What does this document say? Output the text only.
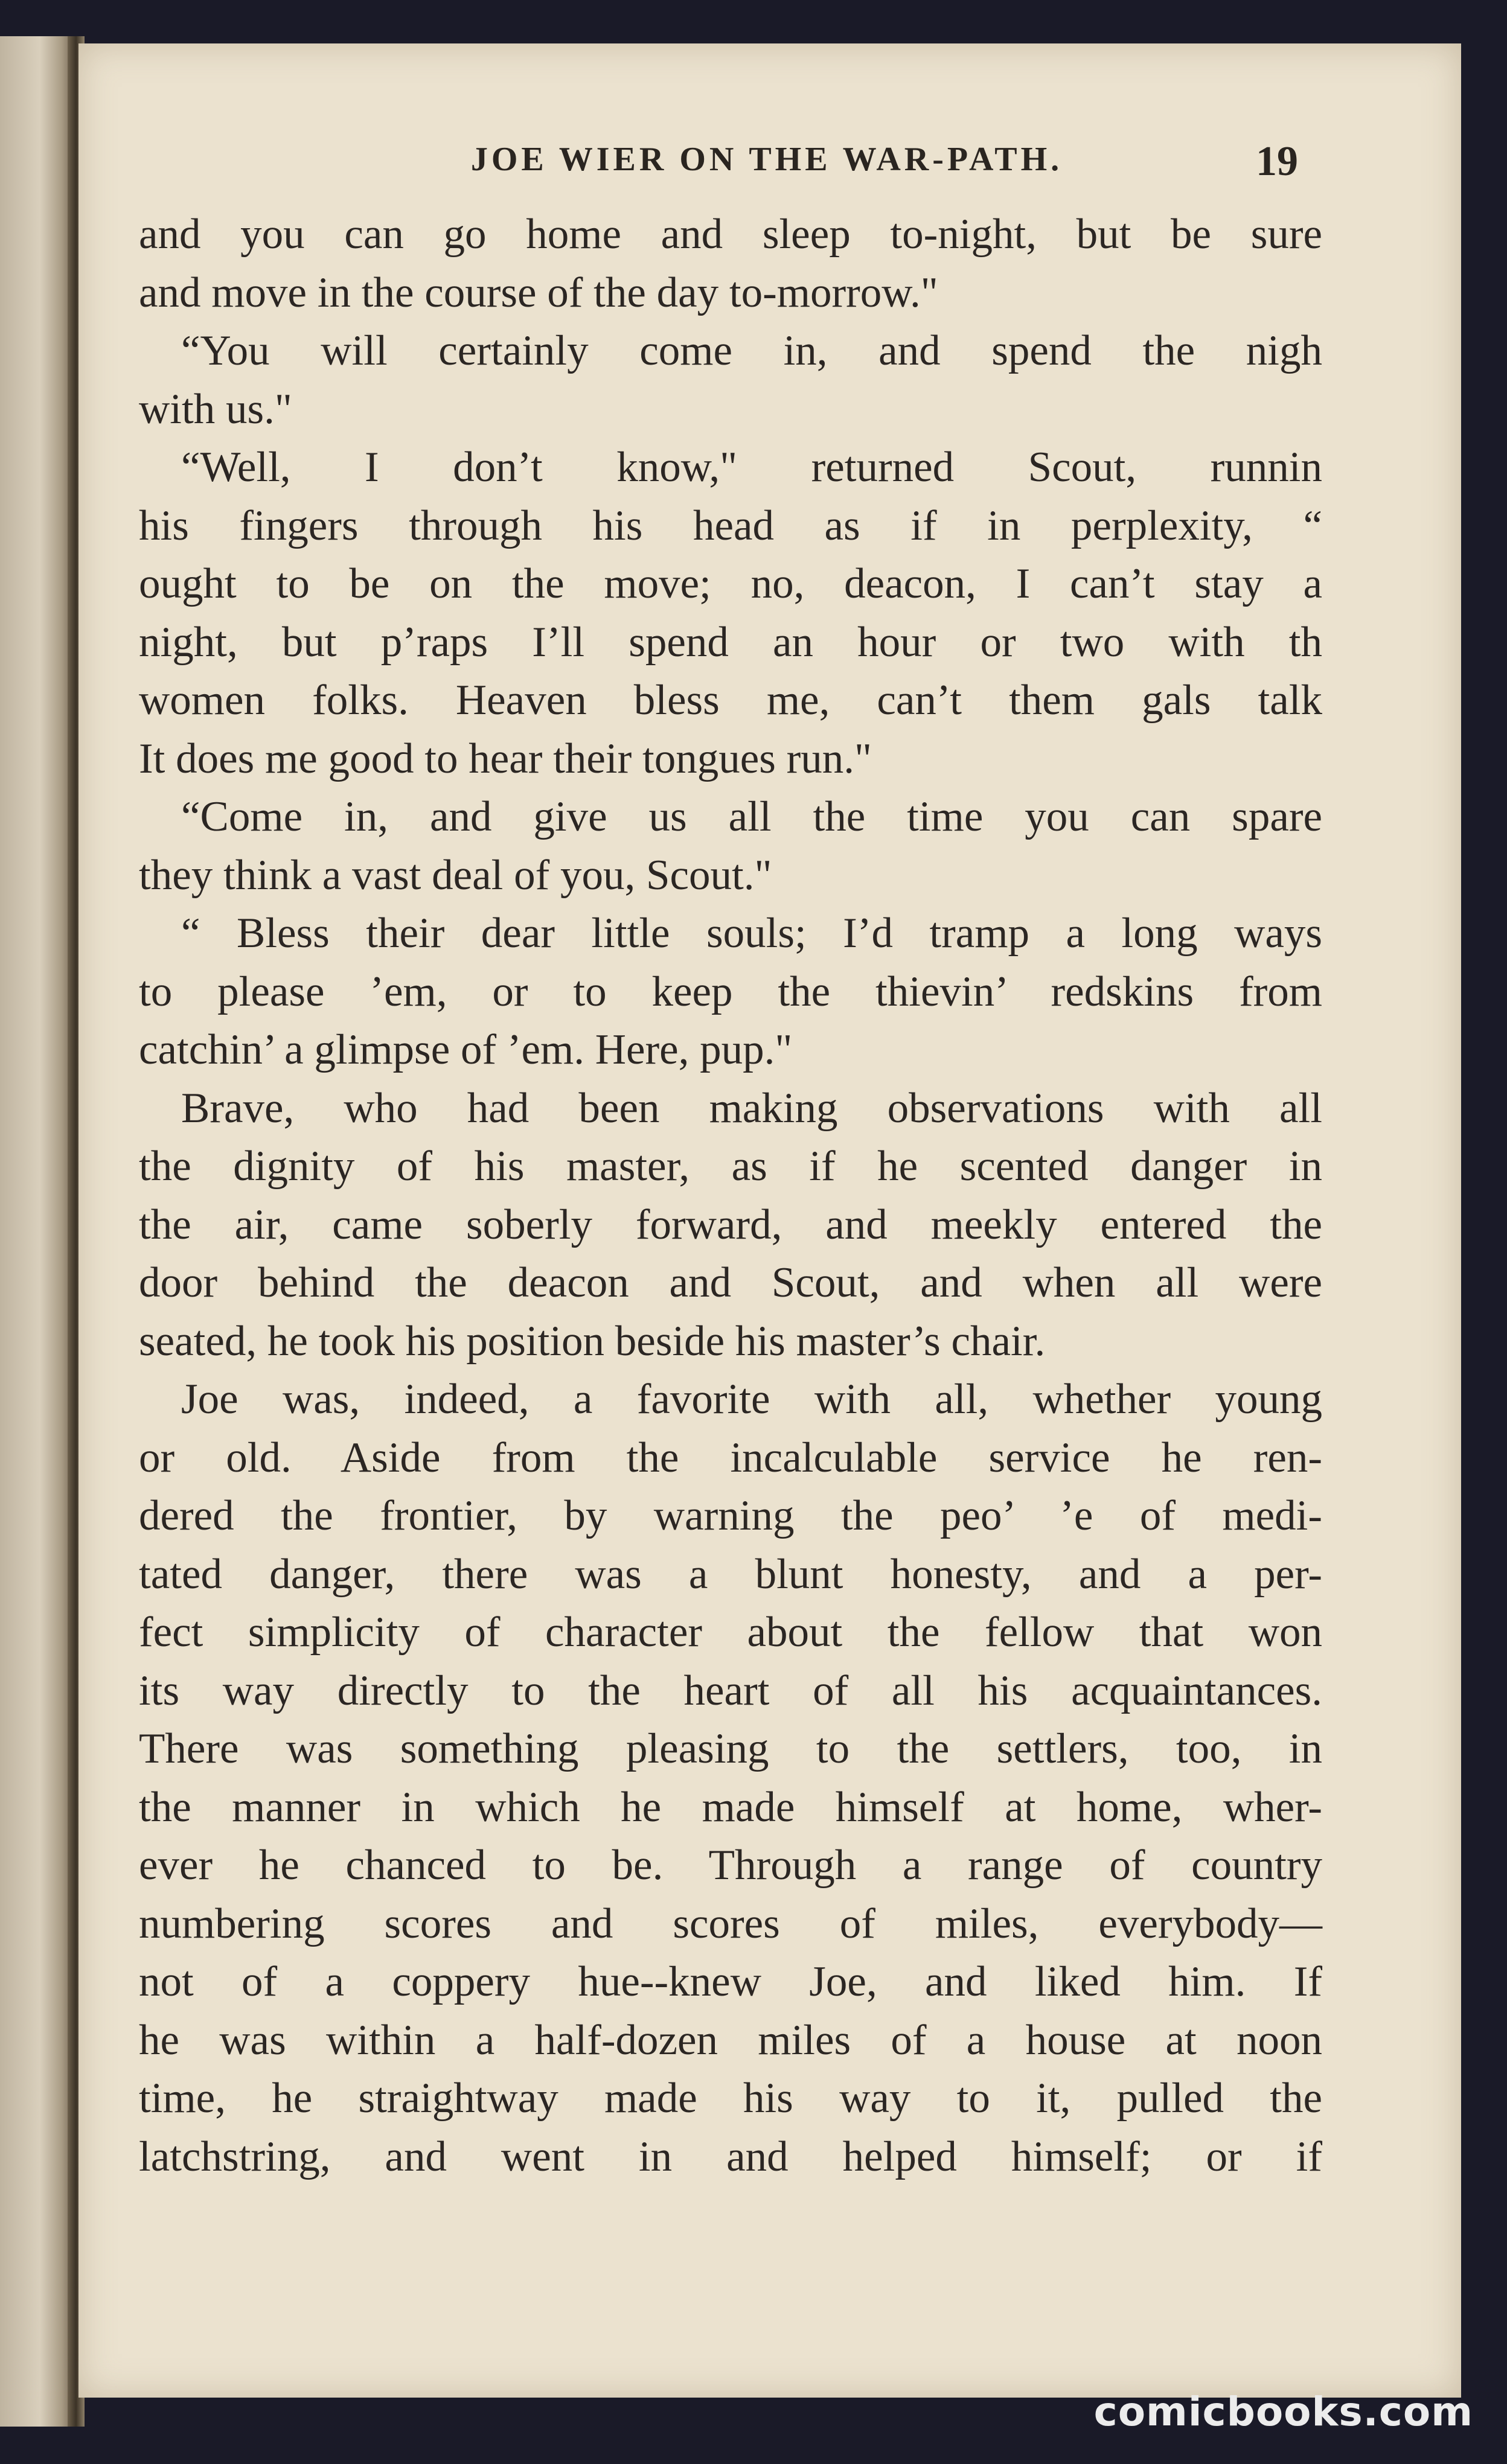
JOE WIER ON THE WAR-PATH.	19
and you can go home and sleep to-night, but be sure
and move in the course of the day to-morrow."
“You will certainly come in, and spend the nigh
with us."
“Well, I don’t know," returned Scout, runnin
his fingers through his head as if in perplexity, “
ought to be on the move; no, deacon, I can’t stay a
night, but p’raps I’ll spend an hour or two with th
women folks. Heaven bless me, can’t them gals talk
It does me good to hear their tongues run."
“Come in, and give us all the time you can spare
they think a vast deal of you, Scout."
“ Bless their dear little souls; I’d tramp a long ways
to please ’em, or to keep the thievin’ redskins from
catchin’ a glimpse of ’em. Here, pup."
Brave, who had been making observations with all
the dignity of his master, as if he scented danger in
the air, came soberly forward, and meekly entered the
door behind the deacon and Scout, and when all were
seated, he took his position beside his master’s chair.
Joe was, indeed, a favorite with all, whether young
or old. Aside from the incalculable service he ren-
dered the frontier, by warning the peo’ ’e of medi-
tated danger, there was a blunt honesty, and a per-
fect simplicity of character about the fellow that won
its way directly to the heart of all his acquaintances.
There was something pleasing to the settlers, too, in
the manner in which he made himself at home, wher-
ever he chanced to be. Through a range of country
numbering scores and scores of miles, everybody—
not of a coppery hue--knew Joe, and liked him. If
he was within a half-dozen miles of a house at noon
time, he straightway made his way to it, pulled the
latchstring, and went in and helped himself; or if
comicbooks.com
